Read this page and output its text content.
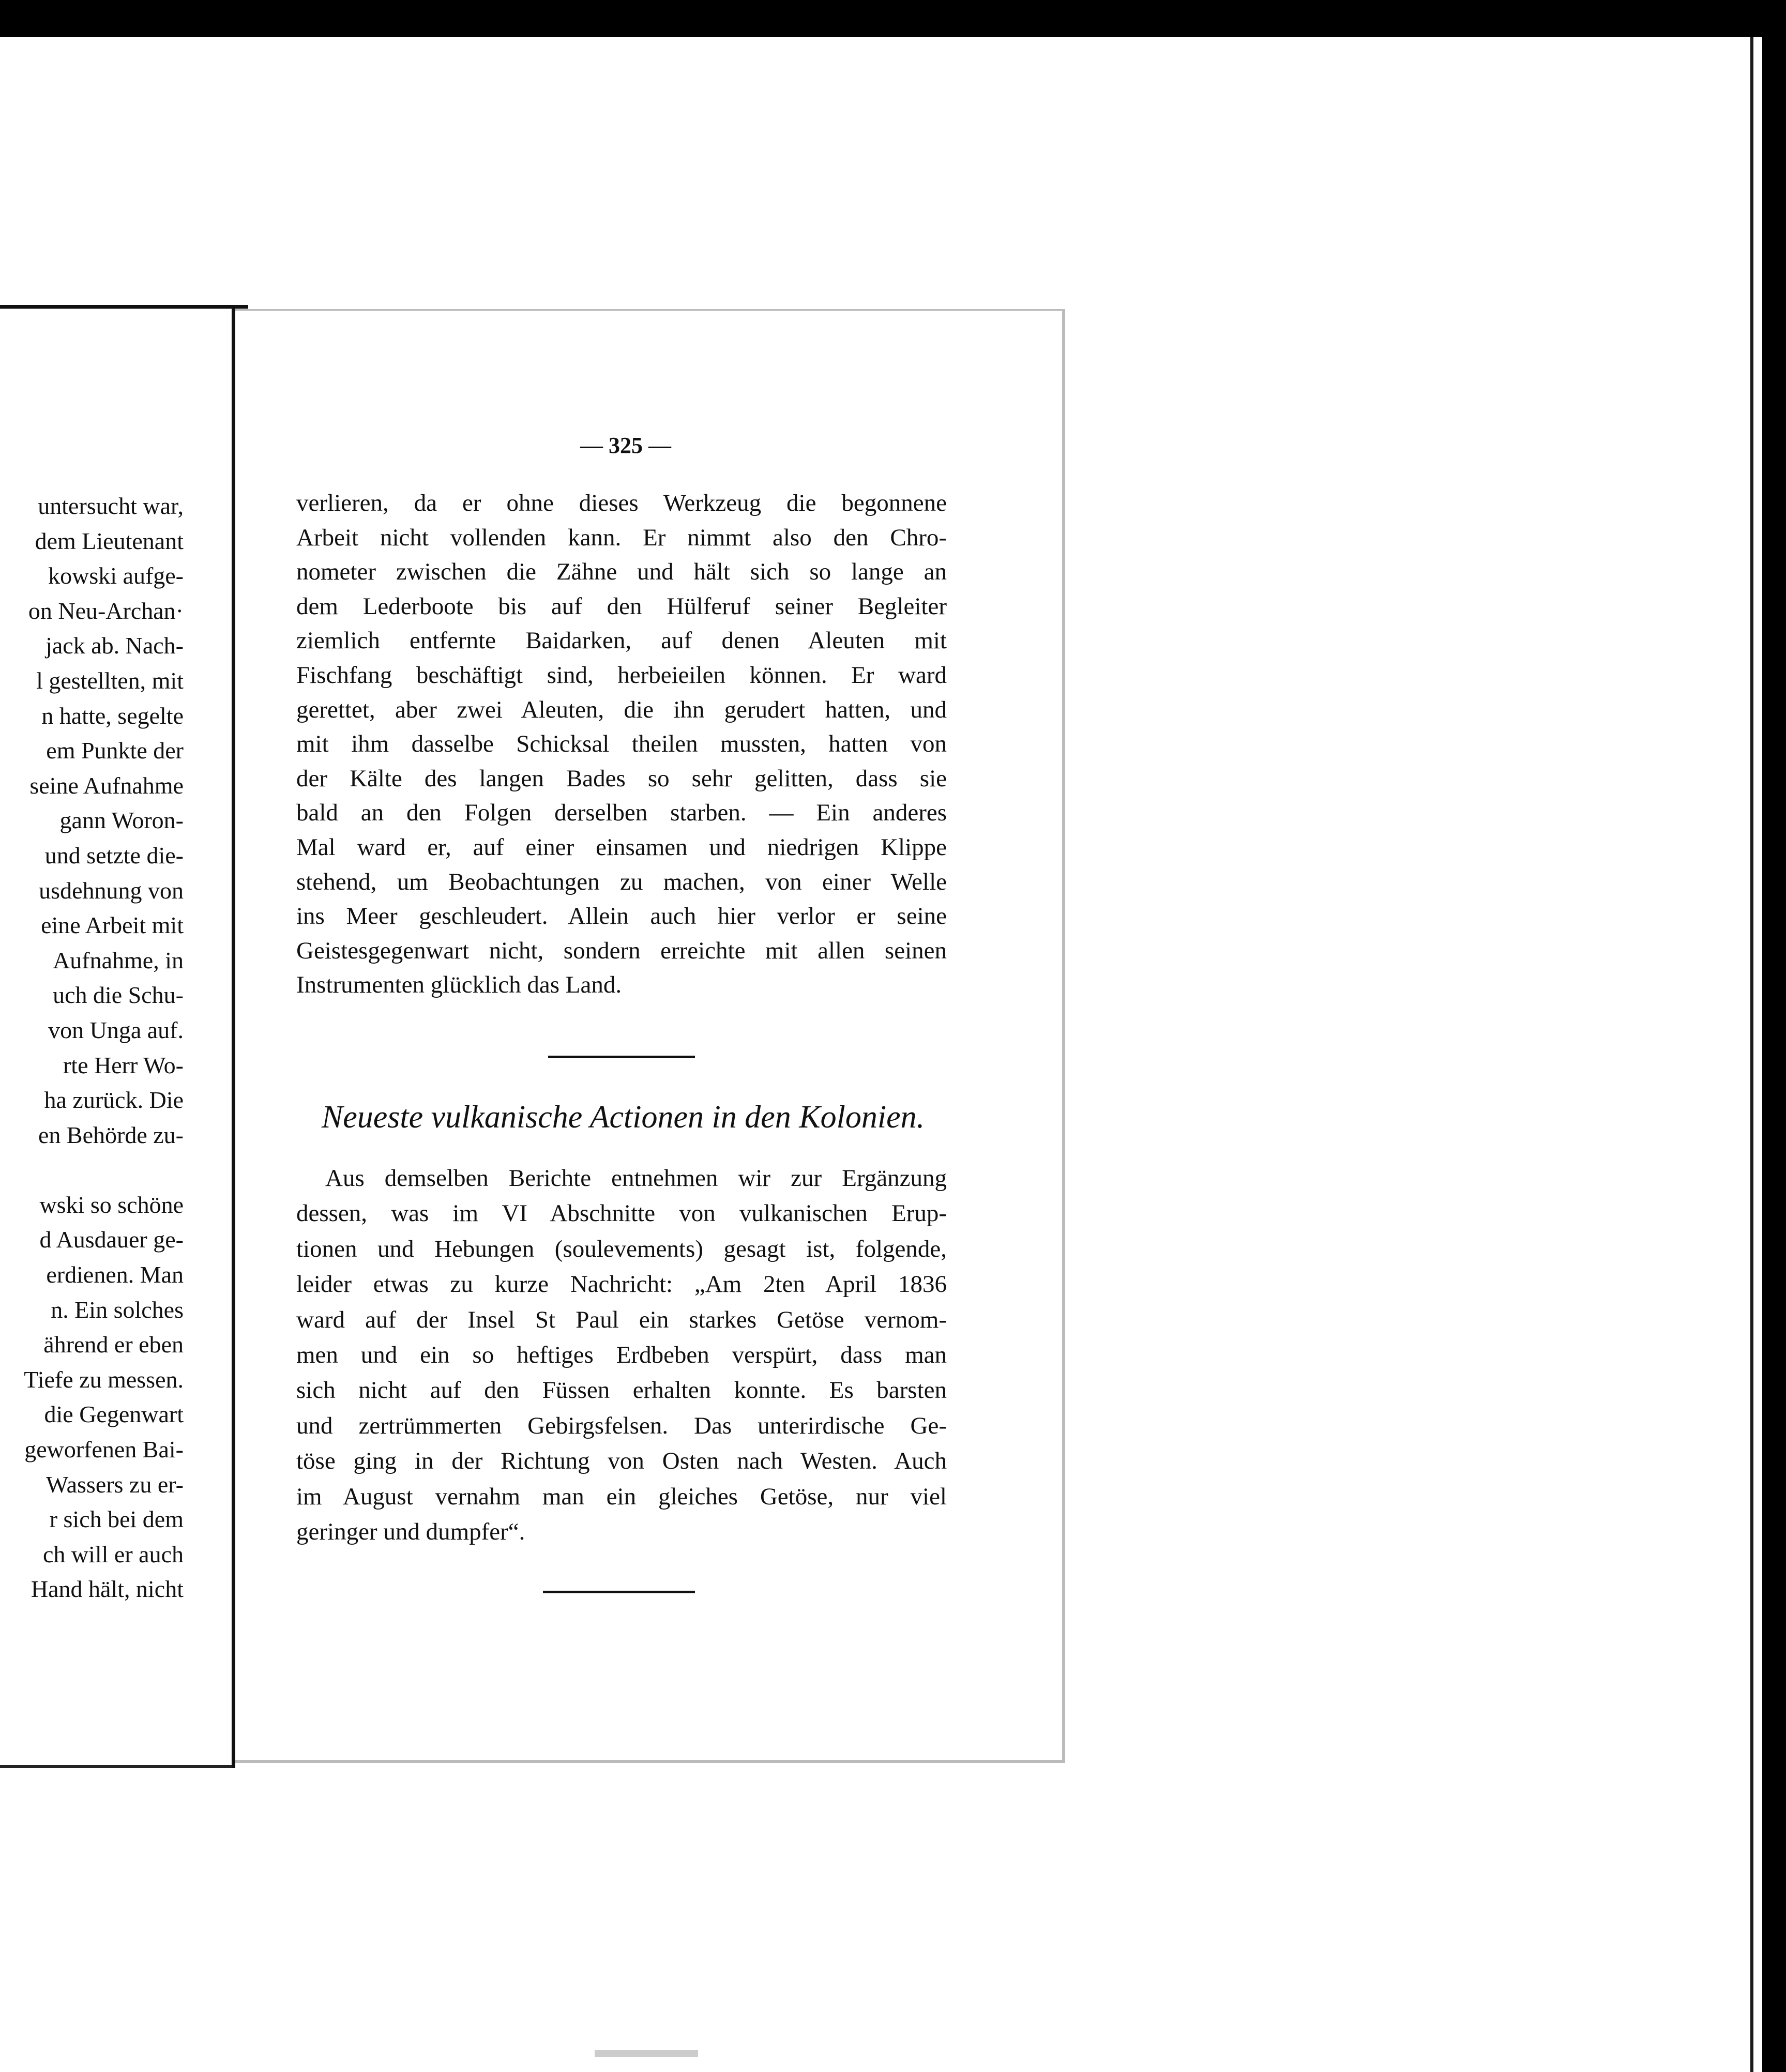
untersucht war,
dem Lieutenant
kowski aufge-
on Neu-Archan·
jack ab. Nach-
l gestellten, mit
n hatte, segelte
em Punkte der
seine Aufnahme
gann Woron-
und setzte die-
usdehnung von
eine Arbeit mit
Aufnahme, in
uch die Schu-
von Unga auf.
rte Herr Wo-
ha zurück. Die
en Behörde zu-
wski so schöne
d Ausdauer ge-
erdienen. Man
n. Ein solches
ährend er eben
Tiefe zu messen.
die Gegenwart
geworfenen Bai-
Wassers zu er-
r sich bei dem
ch will er auch
Hand hält, nicht
— 325 —
verlieren, da er ohne dieses Werkzeug die begonnene
Arbeit nicht vollenden kann. Er nimmt also den Chro-
nometer zwischen die Zähne und hält sich so lange an
dem Lederboote bis auf den Hülferuf seiner Begleiter
ziemlich entfernte Baidarken, auf denen Aleuten mit
Fischfang beschäftigt sind, herbeieilen können. Er ward
gerettet, aber zwei Aleuten, die ihn gerudert hatten, und
mit ihm dasselbe Schicksal theilen mussten, hatten von
der Kälte des langen Bades so sehr gelitten, dass sie
bald an den Folgen derselben starben. — Ein anderes
Mal ward er, auf einer einsamen und niedrigen Klippe
stehend, um Beobachtungen zu machen, von einer Welle
ins Meer geschleudert. Allein auch hier verlor er seine
Geistesgegenwart nicht, sondern erreichte mit allen seinen
Instrumenten glücklich das Land.
Neueste vulkanische Actionen in den Kolonien.
Aus demselben Berichte entnehmen wir zur Ergänzung
dessen, was im VI Abschnitte von vulkanischen Erup-
tionen und Hebungen (soulevements) gesagt ist, folgende,
leider etwas zu kurze Nachricht: „Am 2ten April 1836
ward auf der Insel St Paul ein starkes Getöse vernom-
men und ein so heftiges Erdbeben verspürt, dass man
sich nicht auf den Füssen erhalten konnte. Es barsten
und zertrümmerten Gebirgsfelsen. Das unterirdische Ge-
töse ging in der Richtung von Osten nach Westen. Auch
im August vernahm man ein gleiches Getöse, nur viel
geringer und dumpfer“.
